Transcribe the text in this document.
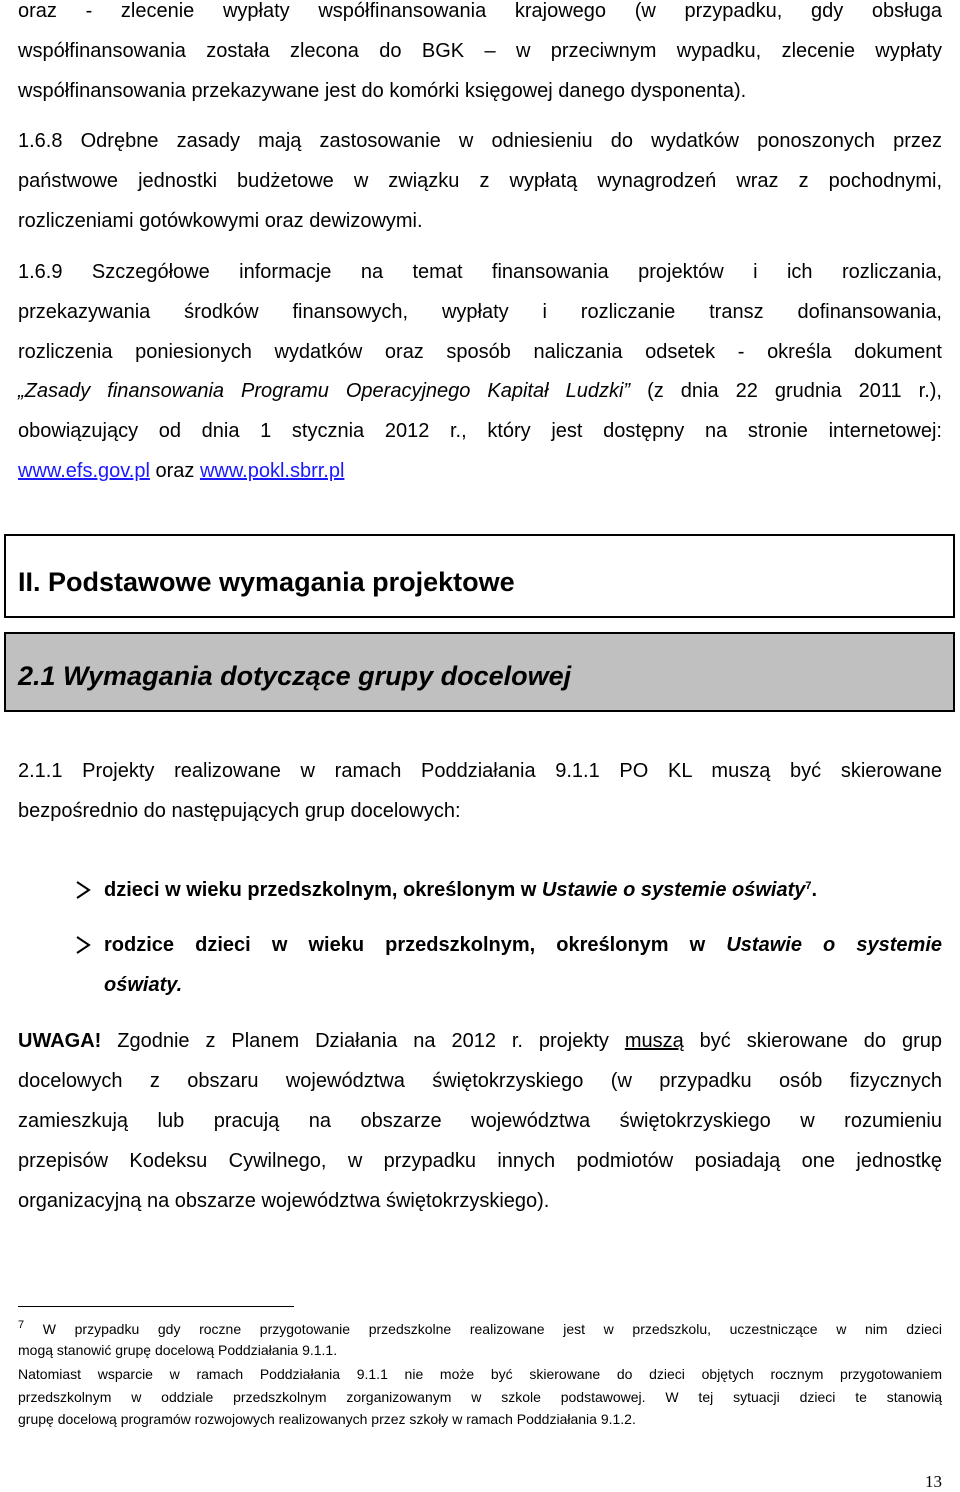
oraz - zlecenie wypłaty współfinansowania krajowego (w przypadku, gdy obsługa
współfinansowania została zlecona do BGK – w przeciwnym wypadku, zlecenie wypłaty
współfinansowania przekazywane jest do komórki księgowej danego dysponenta).
1.6.8 Odrębne zasady mają zastosowanie w odniesieniu do wydatków ponoszonych przez
państwowe jednostki budżetowe w związku z wypłatą wynagrodzeń wraz z pochodnymi,
rozliczeniami gotówkowymi oraz dewizowymi.
1.6.9 Szczegółowe informacje na temat finansowania projektów i ich rozliczania,
przekazywania środków finansowych, wypłaty i rozliczanie transz dofinansowania,
rozliczenia poniesionych wydatków oraz sposób naliczania odsetek - określa dokument
„Zasady finansowania Programu Operacyjnego Kapitał Ludzki” (z dnia 22 grudnia 2011 r.),
obowiązujący od dnia 1 stycznia 2012 r., który jest dostępny na stronie internetowej:
www.efs.gov.pl oraz www.pokl.sbrr.pl
II. Podstawowe wymagania projektowe
2.1 Wymagania dotyczące grupy docelowej
2.1.1 Projekty realizowane w ramach Poddziałania 9.1.1 PO KL muszą być skierowane
bezpośrednio do następujących grup docelowych:
dzieci w wieku przedszkolnym, określonym w Ustawie o systemie oświaty$^7$.
rodzice dzieci w wieku przedszkolnym, określonym w Ustawie o systemie
oświaty.
UWAGA! Zgodnie z Planem Działania na 2012 r. projekty muszą być skierowane do grup
docelowych z obszaru województwa świętokrzyskiego (w przypadku osób fizycznych
zamieszkują lub pracują na obszarze województwa świętokrzyskiego w rozumieniu
przepisów Kodeksu Cywilnego, w przypadku innych podmiotów posiadają one jednostkę
organizacyjną na obszarze województwa świętokrzyskiego).
$^7$ W przypadku gdy roczne przygotowanie przedszkolne realizowane jest w przedszkolu, uczestniczące w nim dzieci
mogą stanowić grupę docelową Poddziałania 9.1.1.
Natomiast wsparcie w ramach Poddziałania 9.1.1 nie może być skierowane do dzieci objętych rocznym przygotowaniem
przedszkolnym w oddziale przedszkolnym zorganizowanym w szkole podstawowej. W tej sytuacji dzieci te stanowią
grupę docelową programów rozwojowych realizowanych przez szkoły w ramach Poddziałania 9.1.2.
13
